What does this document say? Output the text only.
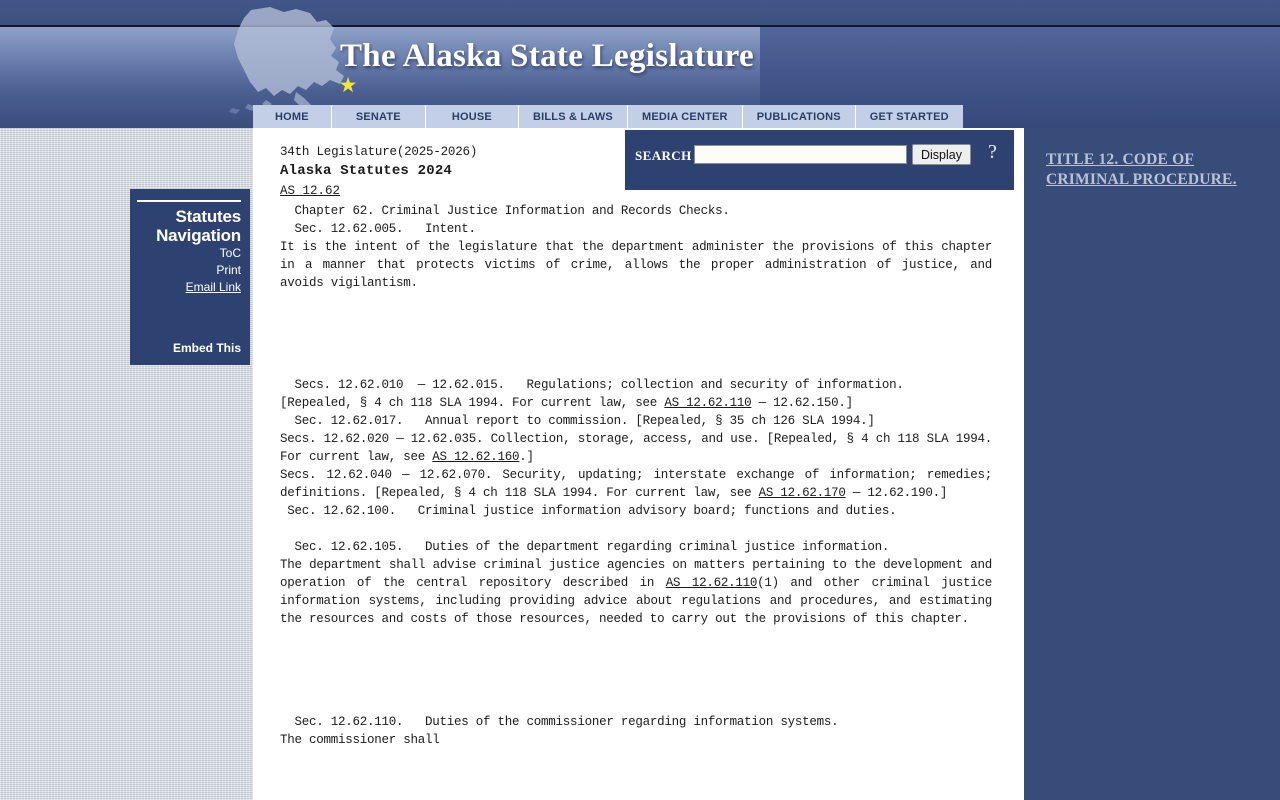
★
The Alaska State Legislature
HOME	SENATE	HOUSE	BILLS & LAWS	MEDIA CENTER	PUBLICATIONS	GET STARTED
Statutes
Navigation
ToC
Print
Email Link
Embed This
34th Legislature(2025-2026)
Alaska Statutes 2024
AS 12.62

Chapter 62. Criminal Justice Information and Records Checks.

Sec. 12.62.005.   Intent.

It is the intent of the legislature that the department administer the provisions of this chapter in a manner that protects victims of crime, allows the proper administration of justice, and avoids vigilantism.

Secs. 12.62.010  — 12.62.015.   Regulations; collection and security of information.

[Repealed, § 4 ch 118 SLA 1994. For current law, see AS 12.62.110 — 12.62.150.]

Sec. 12.62.017.   Annual report to commission. [Repealed, § 35 ch 126 SLA 1994.]

Secs. 12.62.020 — 12.62.035. Collection, storage, access, and use. [Repealed, § 4 ch 118 SLA 1994. For current law, see AS 12.62.160.]

Secs. 12.62.040 — 12.62.070. Security, updating; interstate exchange of information; remedies; definitions. [Repealed, § 4 ch 118 SLA 1994. For current law, see AS 12.62.170 — 12.62.190.]

Sec. 12.62.100.   Criminal justice information advisory board; functions and duties.

Sec. 12.62.105.   Duties of the department regarding criminal justice information.

The department shall advise criminal justice agencies on matters pertaining to the development and operation of the central repository described in AS 12.62.110(1) and other criminal justice information systems, including providing advice about regulations and procedures, and estimating the resources and costs of those resources, needed to carry out the provisions of this chapter.

Sec. 12.62.110.   Duties of the commissioner regarding information systems.

The commissioner shall

SEARCH	Display	?	TITLE 12. CODE OF CRIMINAL PROCEDURE.
